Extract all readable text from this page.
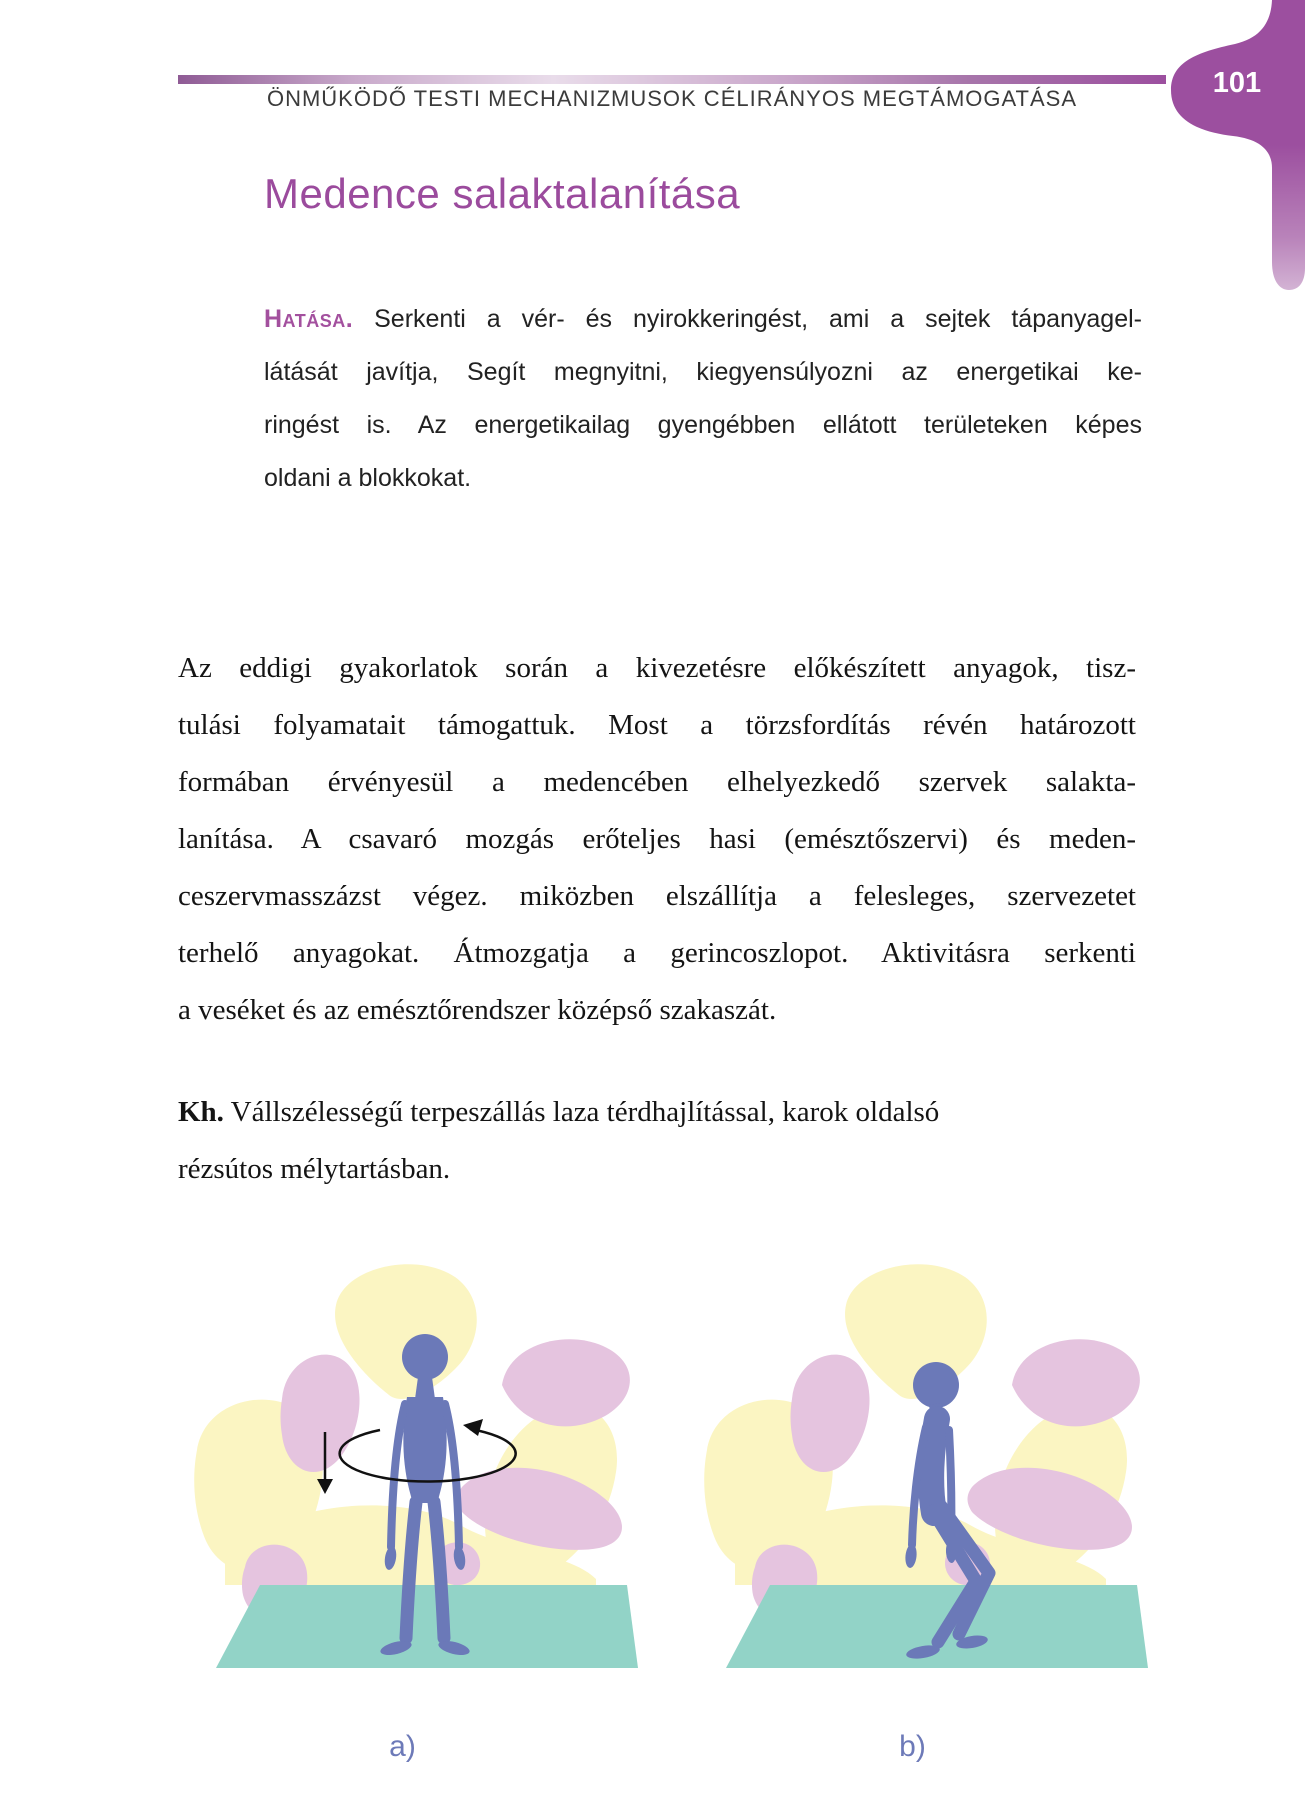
ÖNMŰKÖDŐ TESTI MECHANIZMUSOK CÉLIRÁNYOS MEGTÁMOGATÁSA	101
Medence salaktalanítása
Hatása. Serkenti a vér- és nyirokkeringést, ami a sejtek tápanyagel-
látását javítja, Segít megnyitni, kiegyensúlyozni az energetikai ke-
ringést is. Az energetikailag gyengébben ellátott területeken képes
oldani a blokkokat.
Az eddigi gyakorlatok során a kivezetésre előkészített anyagok, tisz-
tulási folyamatait támogattuk. Most a törzsfordítás révén határozott
formában érvényesül a medencében elhelyezkedő szervek salakta-
lanítása. A csavaró mozgás erőteljes hasi (emésztőszervi) és meden-
ceszervmasszázst végez. miközben elszállítja a felesleges, szervezetet
terhelő anyagokat. Átmozgatja a gerincoszlopot. Aktivitásra serkenti
a veséket és az emésztőrendszer középső szakaszát.
Kh. Vállszélességű terpeszállás laza térdhajlítással, karok oldalsó
rézsútos mélytartásban.
a)	b)
